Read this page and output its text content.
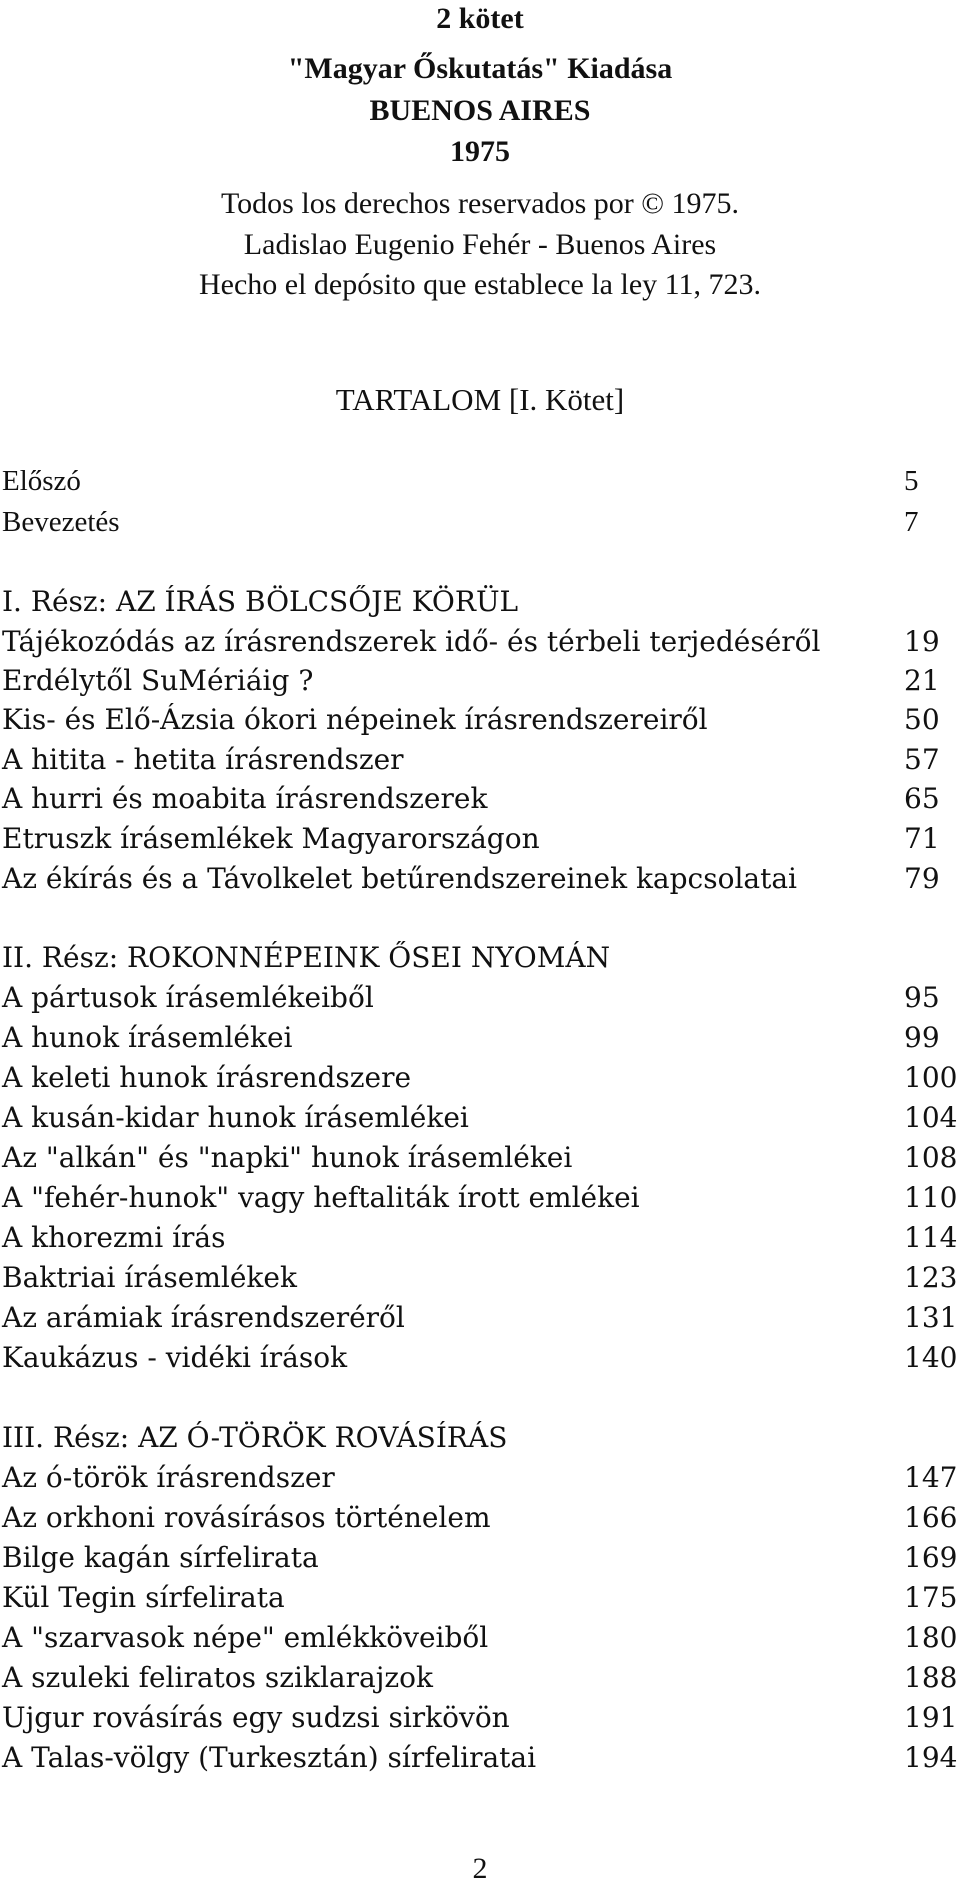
2 kötet
"Magyar Őskutatás" Kiadása
BUENOS AIRES
1975
Todos los derechos reservados por © 1975.
Ladislao Eugenio Fehér - Buenos Aires
Hecho el depósito que establece la ley 11, 723.
TARTALOM [I. Kötet]
Előszó	5
Bevezetés	7
I. Rész: AZ ÍRÁS BÖLCSŐJE KÖRÜL
Tájékozódás az írásrendszerek idő- és térbeli terjedéséről	19
Erdélytől SuMériáig ?	21
Kis- és Elő-Ázsia ókori népeinek írásrendszereiről	50
A hitita - hetita írásrendszer	57
A hurri és moabita írásrendszerek	65
Etruszk írásemlékek Magyarországon	71
Az ékírás és a Távolkelet betűrendszereinek kapcsolatai	79
II. Rész: ROKONNÉPEINK ŐSEI NYOMÁN
A pártusok írásemlékeiből	95
A hunok írásemlékei	99
A keleti hunok írásrendszere	100
A kusán-kidar hunok írásemlékei	104
Az "alkán" és "napki" hunok írásemlékei	108
A "fehér-hunok" vagy heftaliták írott emlékei	110
A khorezmi írás	114
Baktriai írásemlékek	123
Az arámiak írásrendszeréről	131
Kaukázus - vidéki írások	140
III. Rész: AZ Ó-TÖRÖK ROVÁSÍRÁS
Az ó-török írásrendszer	147
Az orkhoni rovásírásos történelem	166
Bilge kagán sírfelirata	169
Kül Tegin sírfelirata	175
A "szarvasok népe" emlékköveiből	180
A szuleki feliratos sziklarajzok	188
Ujgur rovásírás egy sudzsi sirkövön	191
A Talas-völgy (Turkesztán) sírfeliratai	194
2
